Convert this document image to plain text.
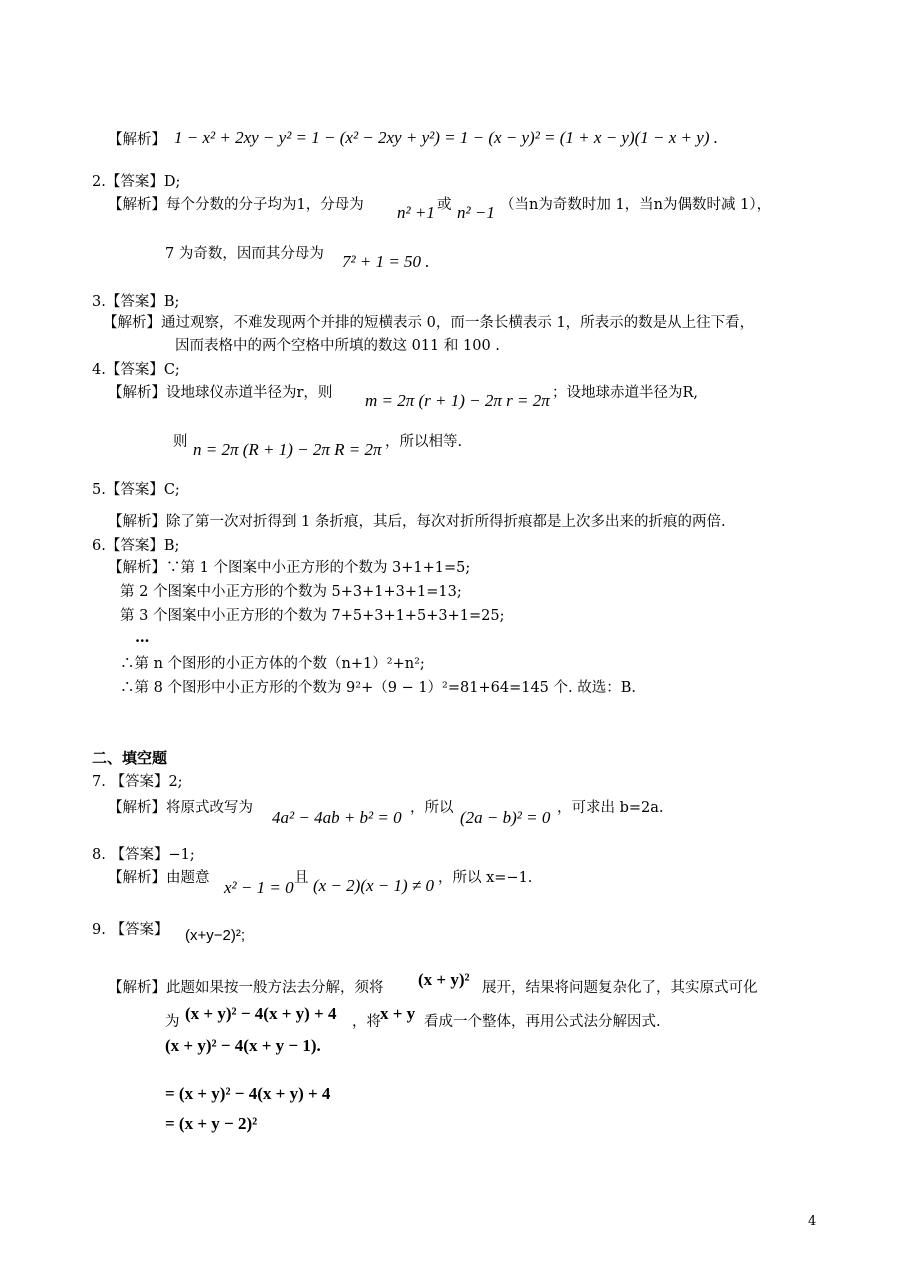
【解析】 1 − x² + 2xy − y² = 1 − (x² − 2xy + y²) = 1 − (x − y)² = (1 + x − y)(1 − x + y) .
2.【答案】D;
【解析】每个分数的分子均为1，分母为 n² +1 或 n² −1 （当n为奇数时加 1，当n为偶数时减 1），
7 为奇数，因而其分母为 7² + 1 = 50 .
3.【答案】B;
【解析】通过观察，不难发现两个并排的短横表示 0，而一条长横表示 1，所表示的数是从上往下看，
因而表格中的两个空格中所填的数这 011 和 100 .
4.【答案】C;
【解析】设地球仪赤道半径为r，则 m = 2π (r + 1) − 2π r = 2π ；设地球赤道半径为R,
则 n = 2π (R + 1) − 2π R = 2π ，所以相等.
5.【答案】C;
【解析】除了第一次对折得到 1 条折痕，其后，每次对折所得折痕都是上次多出来的折痕的两倍.
6.【答案】B;
【解析】∵第 1 个图案中小正方形的个数为 3+1+1=5;
第 2 个图案中小正方形的个数为 5+3+1+3+1=13;
第 3 个图案中小正方形的个数为 7+5+3+1+5+3+1=25;
…
∴第 n 个图形的小正方体的个数（n+1）²+n²;
∴第 8 个图形中小正方形的个数为 9²+（9 − 1）²=81+64=145 个. 故选：B.
二、填空题
7. 【答案】2;
【解析】将原式改写为 4a² − 4ab + b² = 0 ，所以 (2a − b)² = 0 ，可求出 b=2a.
8. 【答案】−1;
【解析】由题意 x² − 1 = 0 且 (x − 2)(x − 1) ≠ 0 ，所以 x=−1.
9. 【答案】 (x+y−2)²;
【解析】此题如果按一般方法去分解，须将 (x + y)² 展开，结果将问题复杂化了，其实原式可化
为 (x + y)² − 4(x + y) + 4 ，将 x + y 看成一个整体，再用公式法分解因式.
(x + y)² − 4(x + y − 1).
= (x + y)² − 4(x + y) + 4
= (x + y − 2)²
4
